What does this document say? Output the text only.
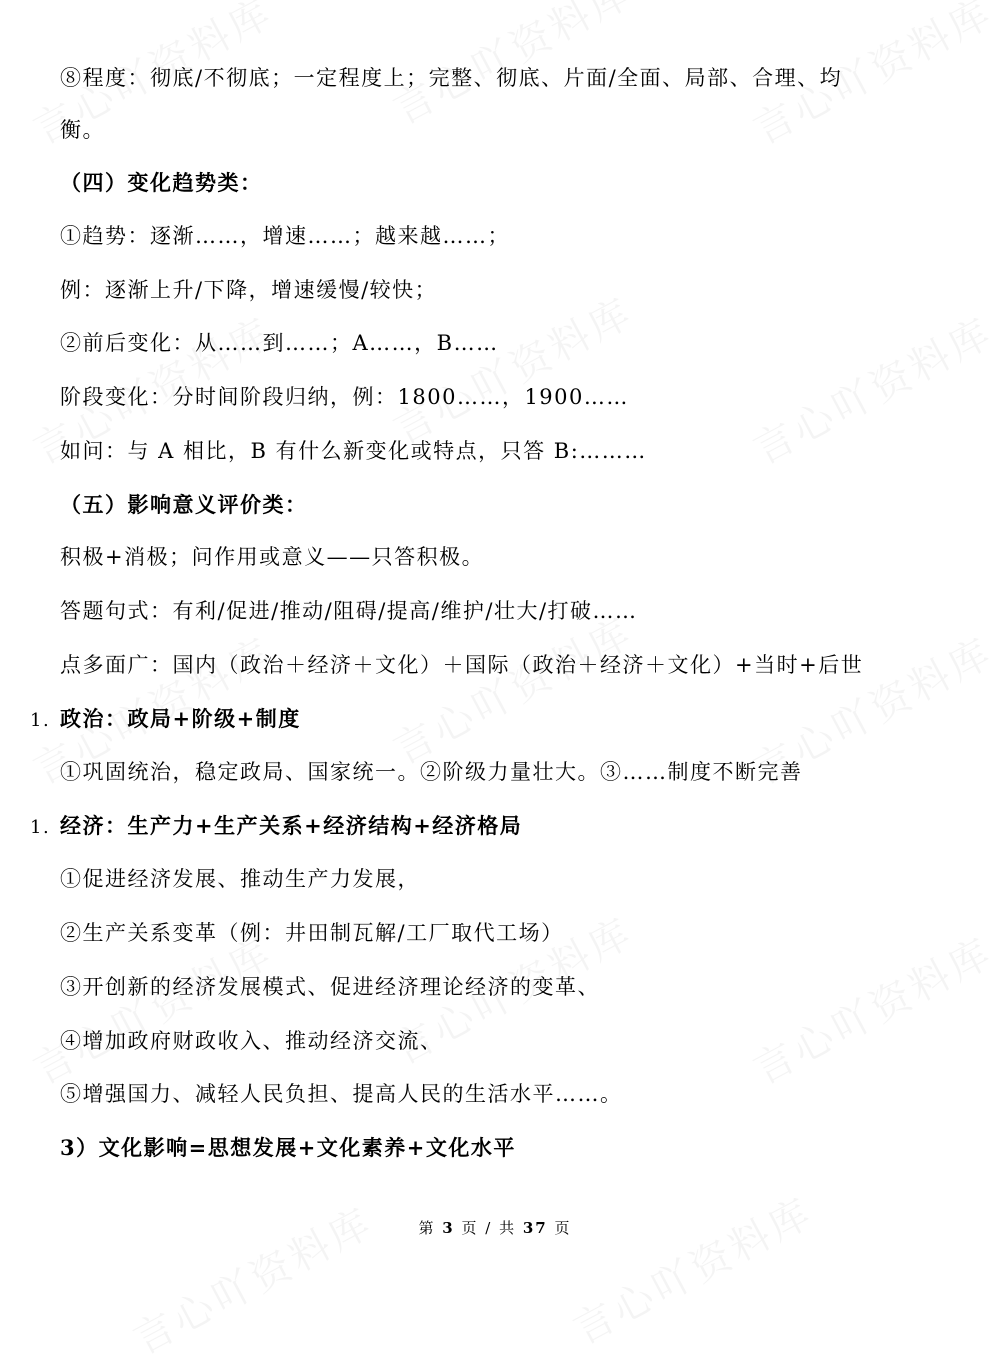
⑧程度：彻底/不彻底；一定程度上；完整、彻底、片面/全面、局部、合理、均
衡。
（四）变化趋势类：
①趋势：逐渐……，增速……；越来越……；
例：逐渐上升/下降，增速缓慢/较快；
②前后变化：从……到……；A……，B……
阶段变化：分时间阶段归纳，例：1800……，1900……
如问：与 A 相比，B 有什么新变化或特点，只答 B:………
（五）影响意义评价类：
积极+消极；问作用或意义——只答积极。
答题句式：有利/促进/推动/阻碍/提高/维护/壮大/打破……
点多面广：国内（政治＋经济＋文化）＋国际（政治＋经济＋文化）+当时+后世
1. 政治：政局+阶级+制度
①巩固统治，稳定政局、国家统一。②阶级力量壮大。③……制度不断完善
1. 经济：生产力+生产关系+经济结构+经济格局
①促进经济发展、推动生产力发展，
②生产关系变革（例：井田制瓦解/工厂取代工场）
③开创新的经济发展模式、促进经济理论经济的变革、
④增加政府财政收入、推动经济交流、
⑤增强国力、减轻人民负担、提高人民的生活水平……。
3）文化影响=思想发展+文化素养+文化水平
第 3 页 / 共 37 页
